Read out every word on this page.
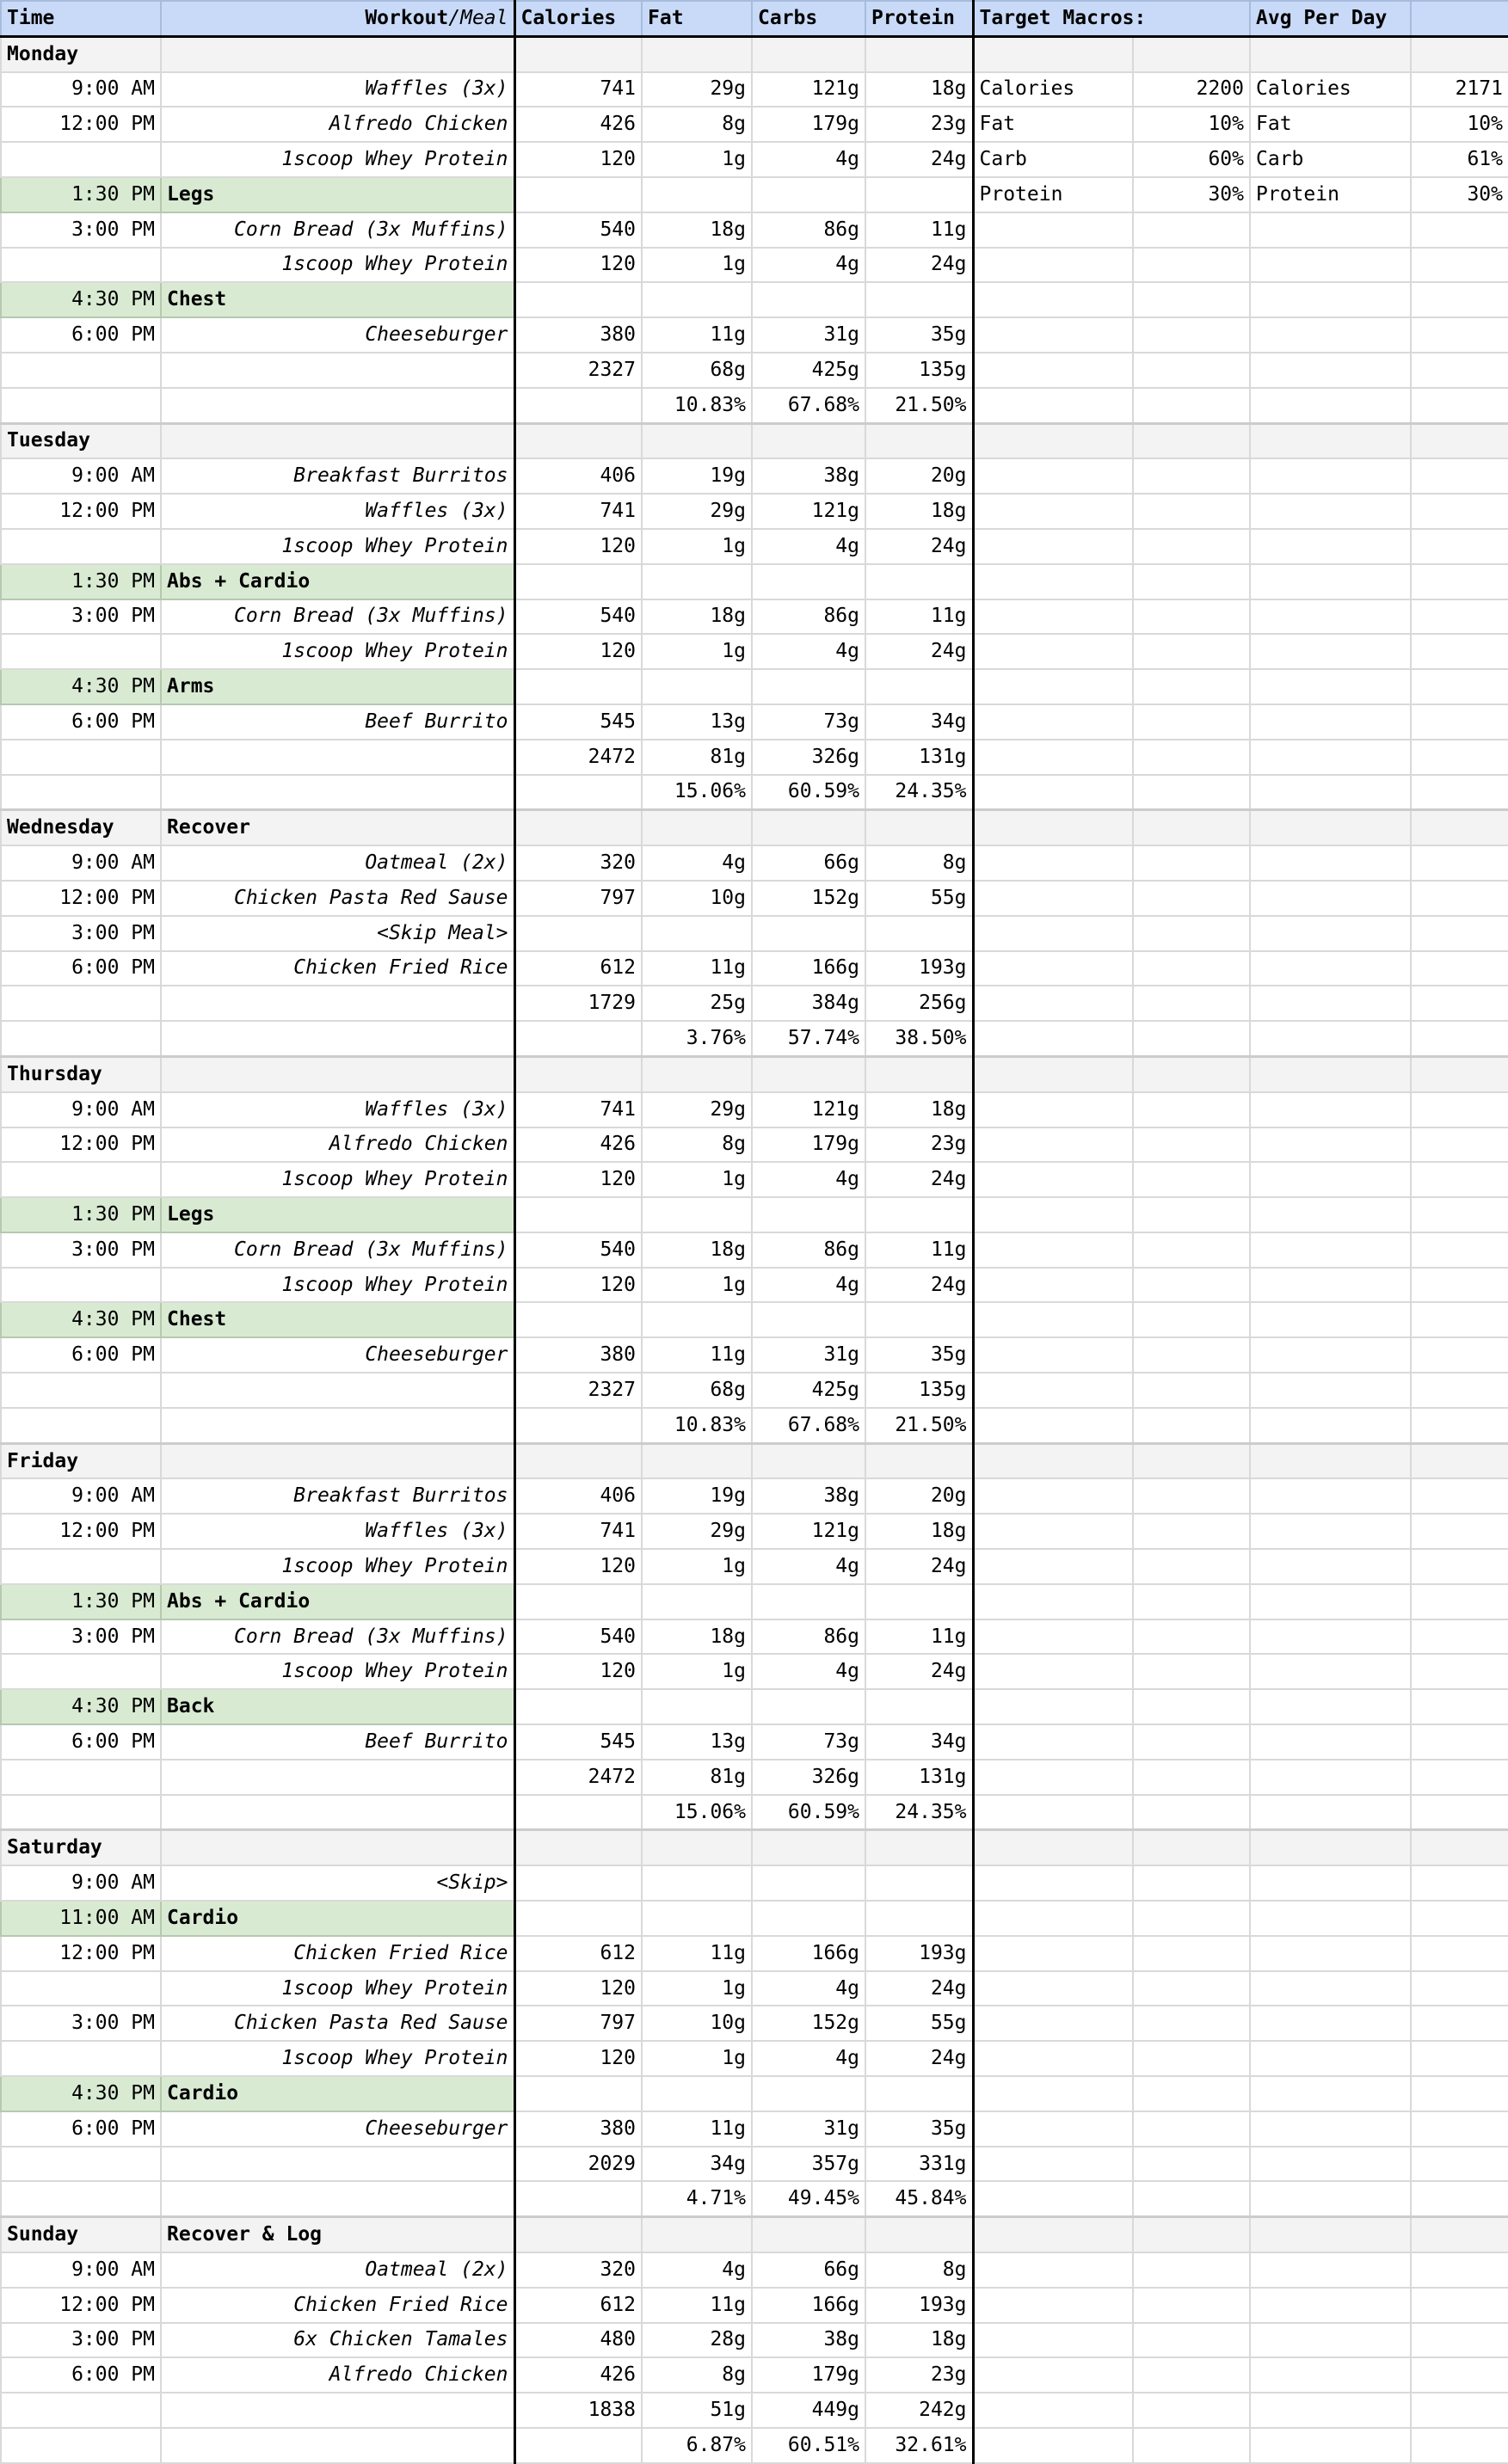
Time	Workout/Meal	Calories	Fat	Carbs	Protein	Target Macros:		Avg Per Day	
Monday									
9:00 AM	Waffles (3x)	741	29g	121g	18g	Calories	2200	Calories	2171
12:00 PM	Alfredo Chicken	426	8g	179g	23g	Fat	10%	Fat	10%
	1scoop Whey Protein	120	1g	4g	24g	Carb	60%	Carb	61%
1:30 PM	Legs					Protein	30%	Protein	30%
3:00 PM	Corn Bread (3x Muffins)	540	18g	86g	11g				
	1scoop Whey Protein	120	1g	4g	24g				
4:30 PM	Chest								
6:00 PM	Cheeseburger	380	11g	31g	35g				
		2327	68g	425g	135g				
			10.83%	67.68%	21.50%				
Tuesday									
9:00 AM	Breakfast Burritos	406	19g	38g	20g				
12:00 PM	Waffles (3x)	741	29g	121g	18g				
	1scoop Whey Protein	120	1g	4g	24g				
1:30 PM	Abs + Cardio								
3:00 PM	Corn Bread (3x Muffins)	540	18g	86g	11g				
	1scoop Whey Protein	120	1g	4g	24g				
4:30 PM	Arms								
6:00 PM	Beef Burrito	545	13g	73g	34g				
		2472	81g	326g	131g				
			15.06%	60.59%	24.35%				
Wednesday	Recover								
9:00 AM	Oatmeal (2x)	320	4g	66g	8g				
12:00 PM	Chicken Pasta Red Sause	797	10g	152g	55g				
3:00 PM	<Skip Meal>								
6:00 PM	Chicken Fried Rice	612	11g	166g	193g				
		1729	25g	384g	256g				
			3.76%	57.74%	38.50%				
Thursday									
9:00 AM	Waffles (3x)	741	29g	121g	18g				
12:00 PM	Alfredo Chicken	426	8g	179g	23g				
	1scoop Whey Protein	120	1g	4g	24g				
1:30 PM	Legs								
3:00 PM	Corn Bread (3x Muffins)	540	18g	86g	11g				
	1scoop Whey Protein	120	1g	4g	24g				
4:30 PM	Chest								
6:00 PM	Cheeseburger	380	11g	31g	35g				
		2327	68g	425g	135g				
			10.83%	67.68%	21.50%				
Friday									
9:00 AM	Breakfast Burritos	406	19g	38g	20g				
12:00 PM	Waffles (3x)	741	29g	121g	18g				
	1scoop Whey Protein	120	1g	4g	24g				
1:30 PM	Abs + Cardio								
3:00 PM	Corn Bread (3x Muffins)	540	18g	86g	11g				
	1scoop Whey Protein	120	1g	4g	24g				
4:30 PM	Back								
6:00 PM	Beef Burrito	545	13g	73g	34g				
		2472	81g	326g	131g				
			15.06%	60.59%	24.35%				
Saturday									
9:00 AM	<Skip>								
11:00 AM	Cardio								
12:00 PM	Chicken Fried Rice	612	11g	166g	193g				
	1scoop Whey Protein	120	1g	4g	24g				
3:00 PM	Chicken Pasta Red Sause	797	10g	152g	55g				
	1scoop Whey Protein	120	1g	4g	24g				
4:30 PM	Cardio								
6:00 PM	Cheeseburger	380	11g	31g	35g				
		2029	34g	357g	331g				
			4.71%	49.45%	45.84%				
Sunday	Recover & Log								
9:00 AM	Oatmeal (2x)	320	4g	66g	8g				
12:00 PM	Chicken Fried Rice	612	11g	166g	193g				
3:00 PM	6x Chicken Tamales	480	28g	38g	18g				
6:00 PM	Alfredo Chicken	426	8g	179g	23g				
		1838	51g	449g	242g				
			6.87%	60.51%	32.61%				
